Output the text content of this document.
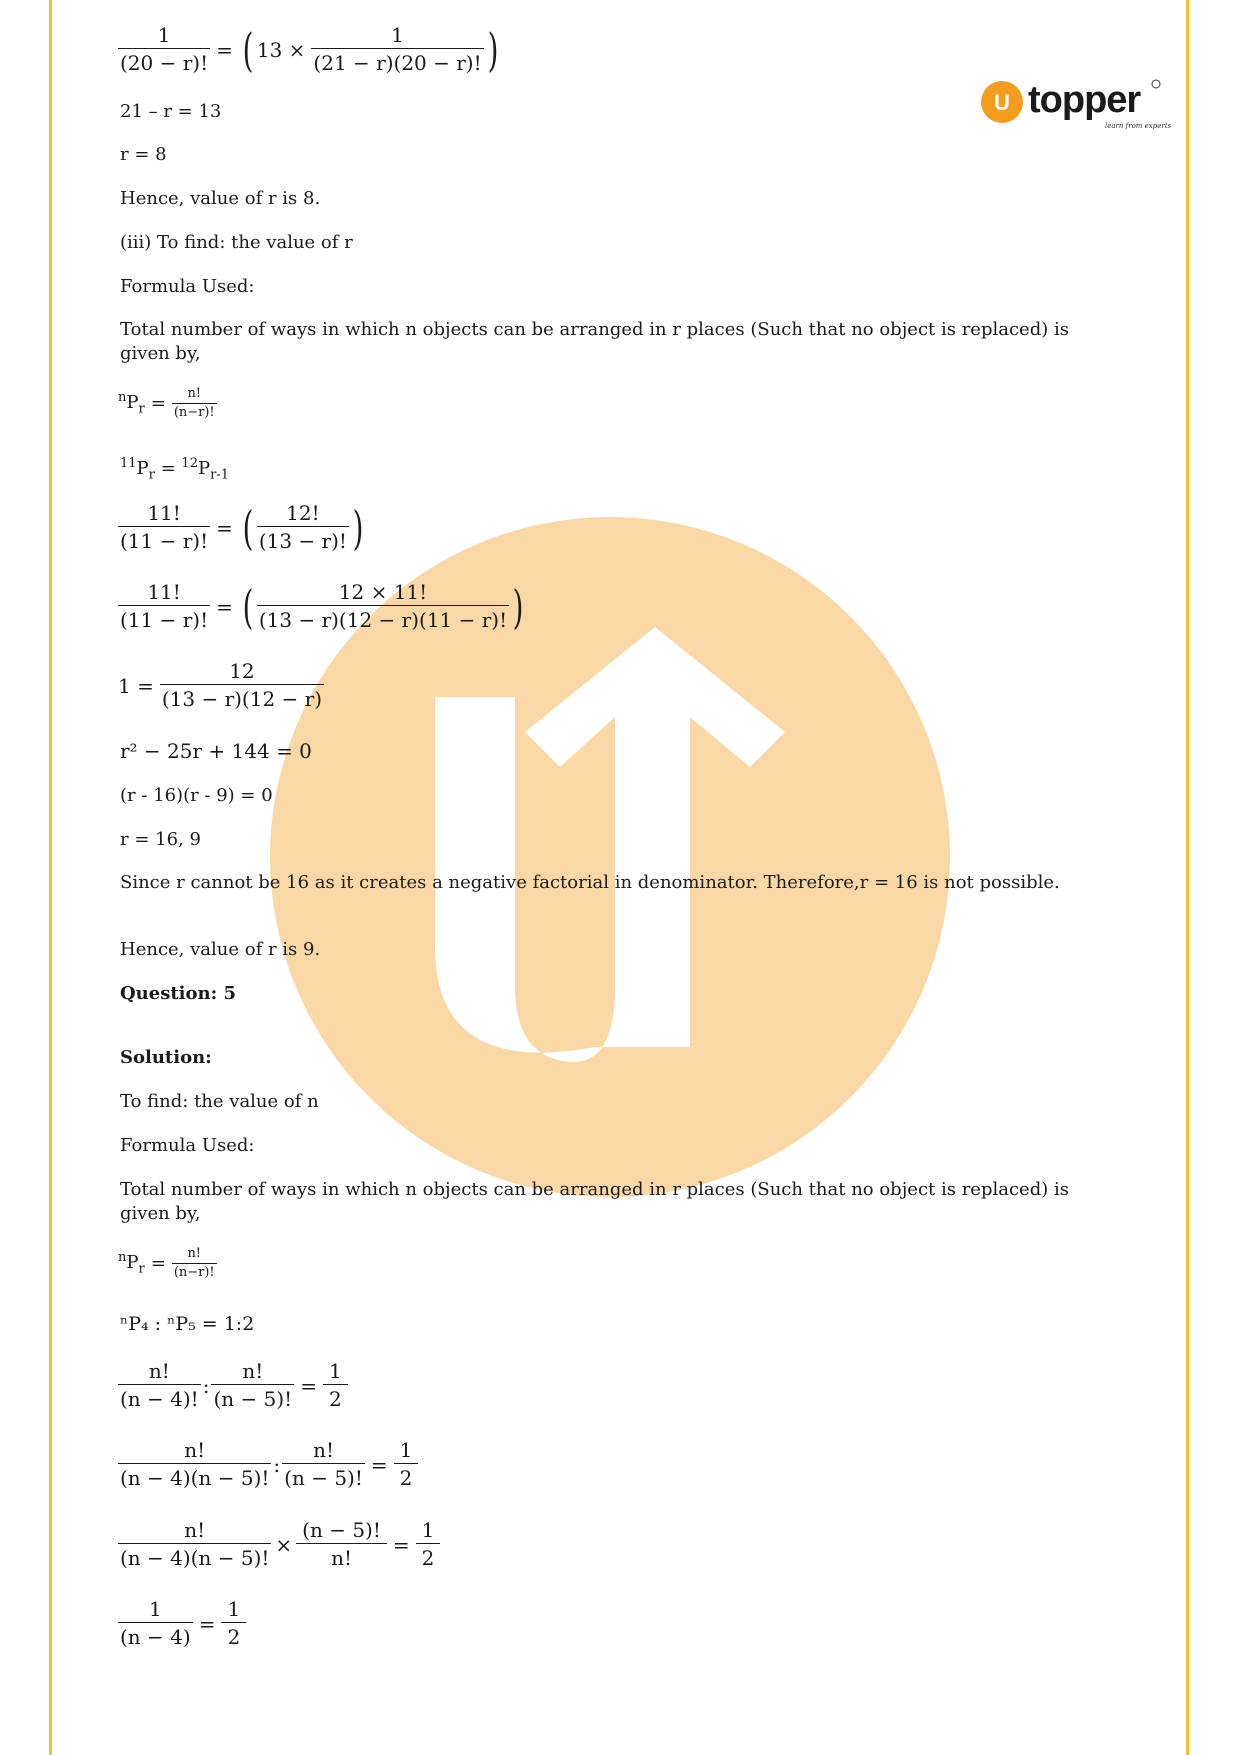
U topper
learn from experts
$\frac{1}{(20 - r)!}$ = ( $13 \times \frac{1}{(21 - r)(20 - r)!}$ )
21 – r = 13
r = 8
Hence, value of r is 8.
(iii) To find: the value of r
Formula Used:
Total number of ways in which n objects can be arranged in r places (Such that no object is replaced) is given by,
$^nP_r = \frac{n!}{(n-r)!}$
$^{11}P_r = ^{12}P_{r-1}$
$\frac{11!}{(11 - r)!}$ = ( $\frac{12!}{(13 - r)!}$ )
$\frac{11!}{(11 - r)!}$ = ( $\frac{12 \times 11!}{(13 - r)(12 - r)(11 - r)!}$ )
$1 = \frac{12}{(13 - r)(12 - r)}$
r² − 25r + 144 = 0
(r - 16)(r - 9) = 0
r = 16, 9
Since r cannot be 16 as it creates a negative factorial in denominator. Therefore,r = 16 is not possible.
Hence, value of r is 9.
Question: 5
Solution:
To find: the value of n
Formula Used:
Total number of ways in which n objects can be arranged in r places (Such that no object is replaced) is given by,
$^nP_r = \frac{n!}{(n-r)!}$
ⁿP₄ : ⁿP₅ = 1:2
$\frac{n!}{(n - 4)!}$ : $\frac{n!}{(n - 5)!} = \frac{1}{2}$
$\frac{n!}{(n - 4)(n - 5)!}$ : $\frac{n!}{(n - 5)!} = \frac{1}{2}$
$\frac{n!}{(n - 4)(n - 5)!} \times \frac{(n - 5)!}{n!} = \frac{1}{2}$
$\frac{1}{(n - 4)} = \frac{1}{2}$
